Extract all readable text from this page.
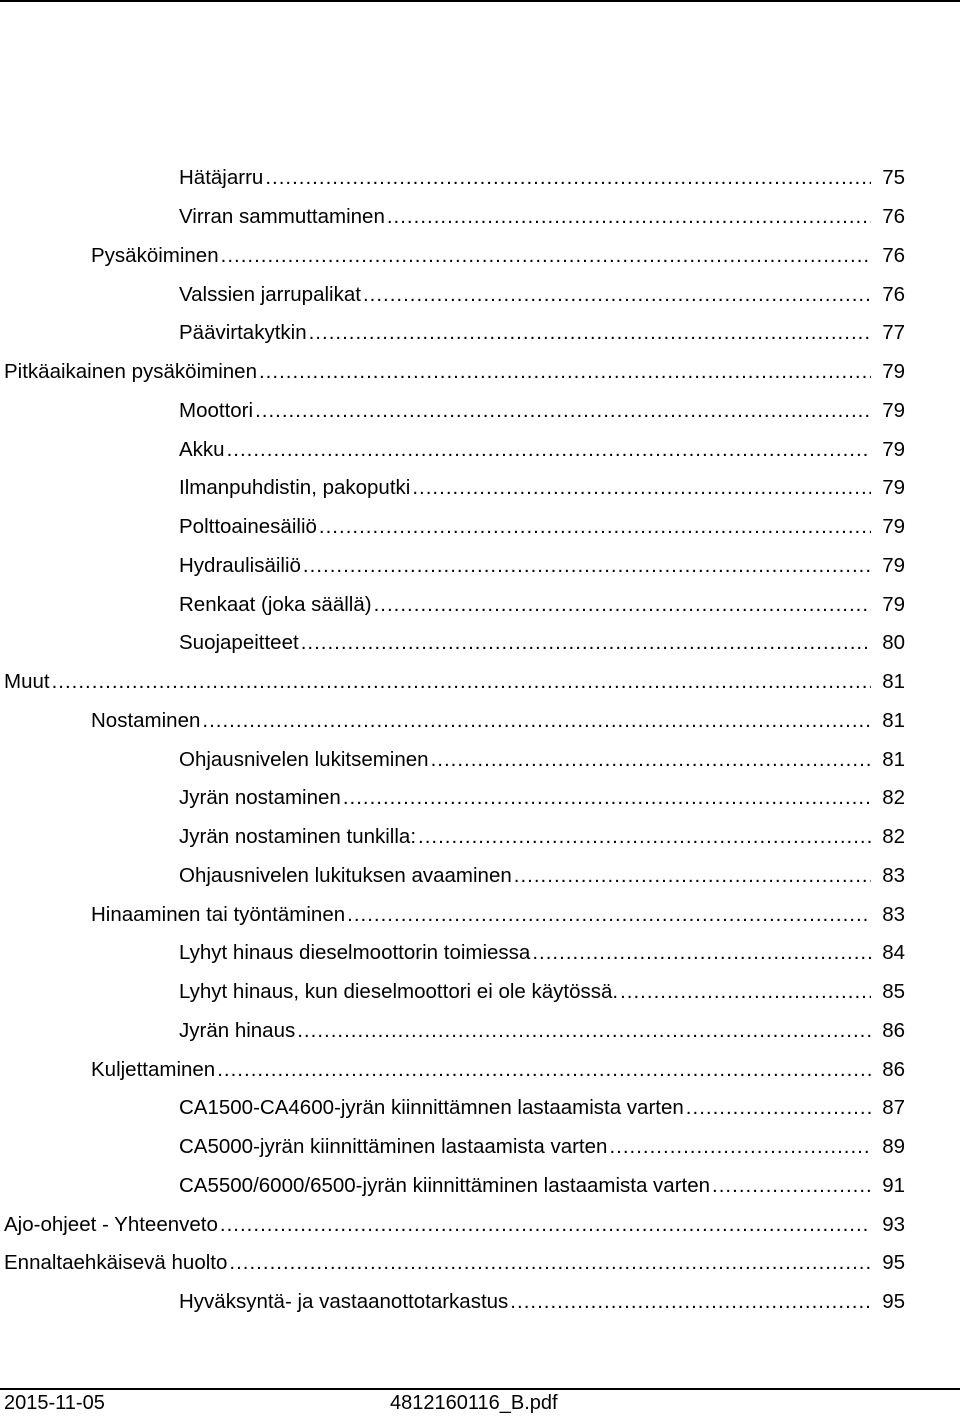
Hätäjarru .....	75
Virran sammuttaminen .....	76
Pysäköiminen .....	76
Valssien jarrupalikat .....	76
Päävirtakytkin .....	77
Pitkäaikainen pysäköiminen .....	79
Moottori .....	79
Akku .....	79
Ilmanpuhdistin, pakoputki .....	79
Polttoainesäiliö .....	79
Hydraulisäiliö .....	79
Renkaat (joka säällä) .....	79
Suojapeitteet .....	80
Muut .....	81
Nostaminen .....	81
Ohjausnivelen lukitseminen .....	81
Jyrän nostaminen .....	82
Jyrän nostaminen tunkilla: .....	82
Ohjausnivelen lukituksen avaaminen .....	83
Hinaaminen tai työntäminen .....	83
Lyhyt hinaus dieselmoottorin toimiessa .....	84
Lyhyt hinaus, kun dieselmoottori ei ole käytössä. .....	85
Jyrän hinaus .....	86
Kuljettaminen .....	86
CA1500-CA4600-jyrän kiinnittämnen lastaamista varten .....	87
CA5000-jyrän kiinnittäminen lastaamista varten .....	89
CA5500/6000/6500-jyrän kiinnittäminen lastaamista varten .....	91
Ajo-ohjeet - Yhteenveto .....	93
Ennaltaehkäisevä huolto .....	95
Hyväksyntä- ja vastaanottotarkastus .....	95
2015-11-05	4812160116_B.pdf
